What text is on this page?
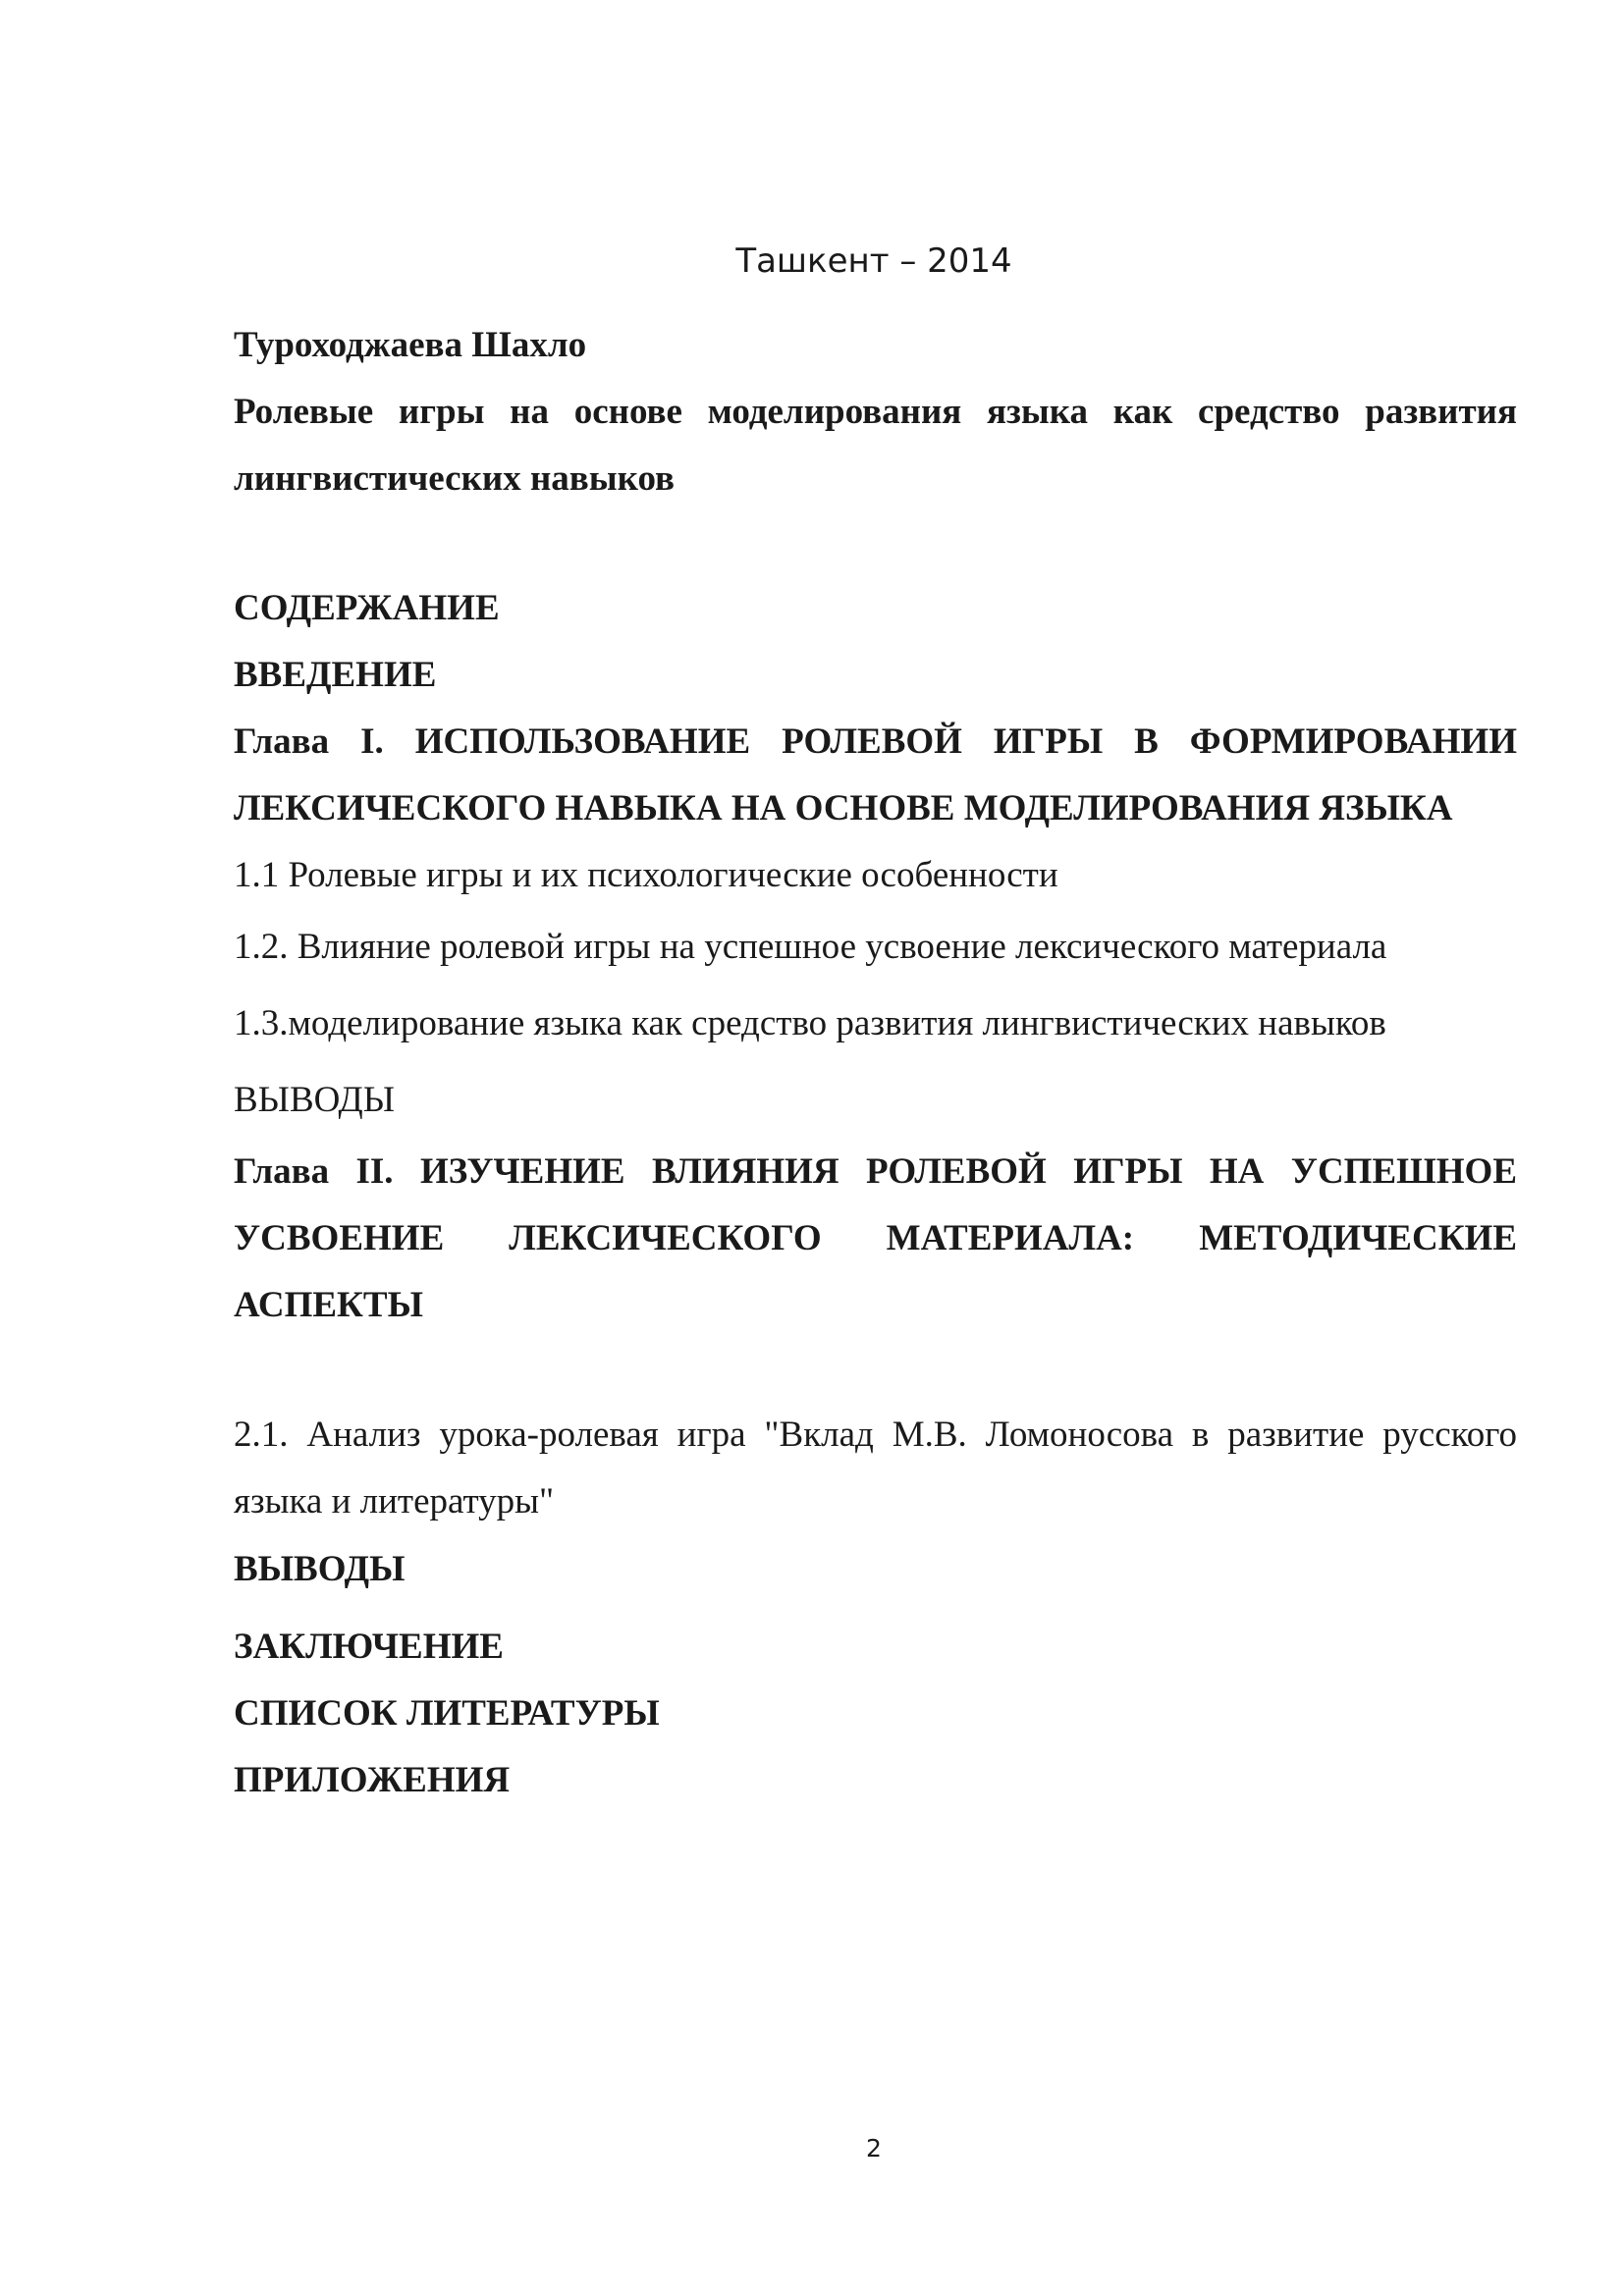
Ташкент – 2014

Туроходжаева Шахло

Ролевые игры на основе моделирования языка как средство развития лингвистических навыков

СОДЕРЖАНИЕ

ВВЕДЕНИЕ

Глава I. ИСПОЛЬЗОВАНИЕ РОЛЕВОЙ ИГРЫ В ФОРМИРОВАНИИ ЛЕКСИЧЕСКОГО НАВЫКА НА ОСНОВЕ МОДЕЛИРОВАНИЯ ЯЗЫКА

1.1 Ролевые игры и их психологические особенности

1.2. Влияние ролевой игры на успешное усвоение лексического материала

1.3.моделирование языка как средство развития лингвистических навыков

ВЫВОДЫ

Глава II. ИЗУЧЕНИЕ ВЛИЯНИЯ РОЛЕВОЙ ИГРЫ НА УСПЕШНОЕ УСВОЕНИЕ ЛЕКСИЧЕСКОГО МАТЕРИАЛА: МЕТОДИЧЕСКИЕ АСПЕКТЫ

2.1. Анализ урока-ролевая игра "Вклад М.В. Ломоносова в развитие русского языка и литературы"

ВЫВОДЫ

ЗАКЛЮЧЕНИЕ

СПИСОК ЛИТЕРАТУРЫ

ПРИЛОЖЕНИЯ

2
